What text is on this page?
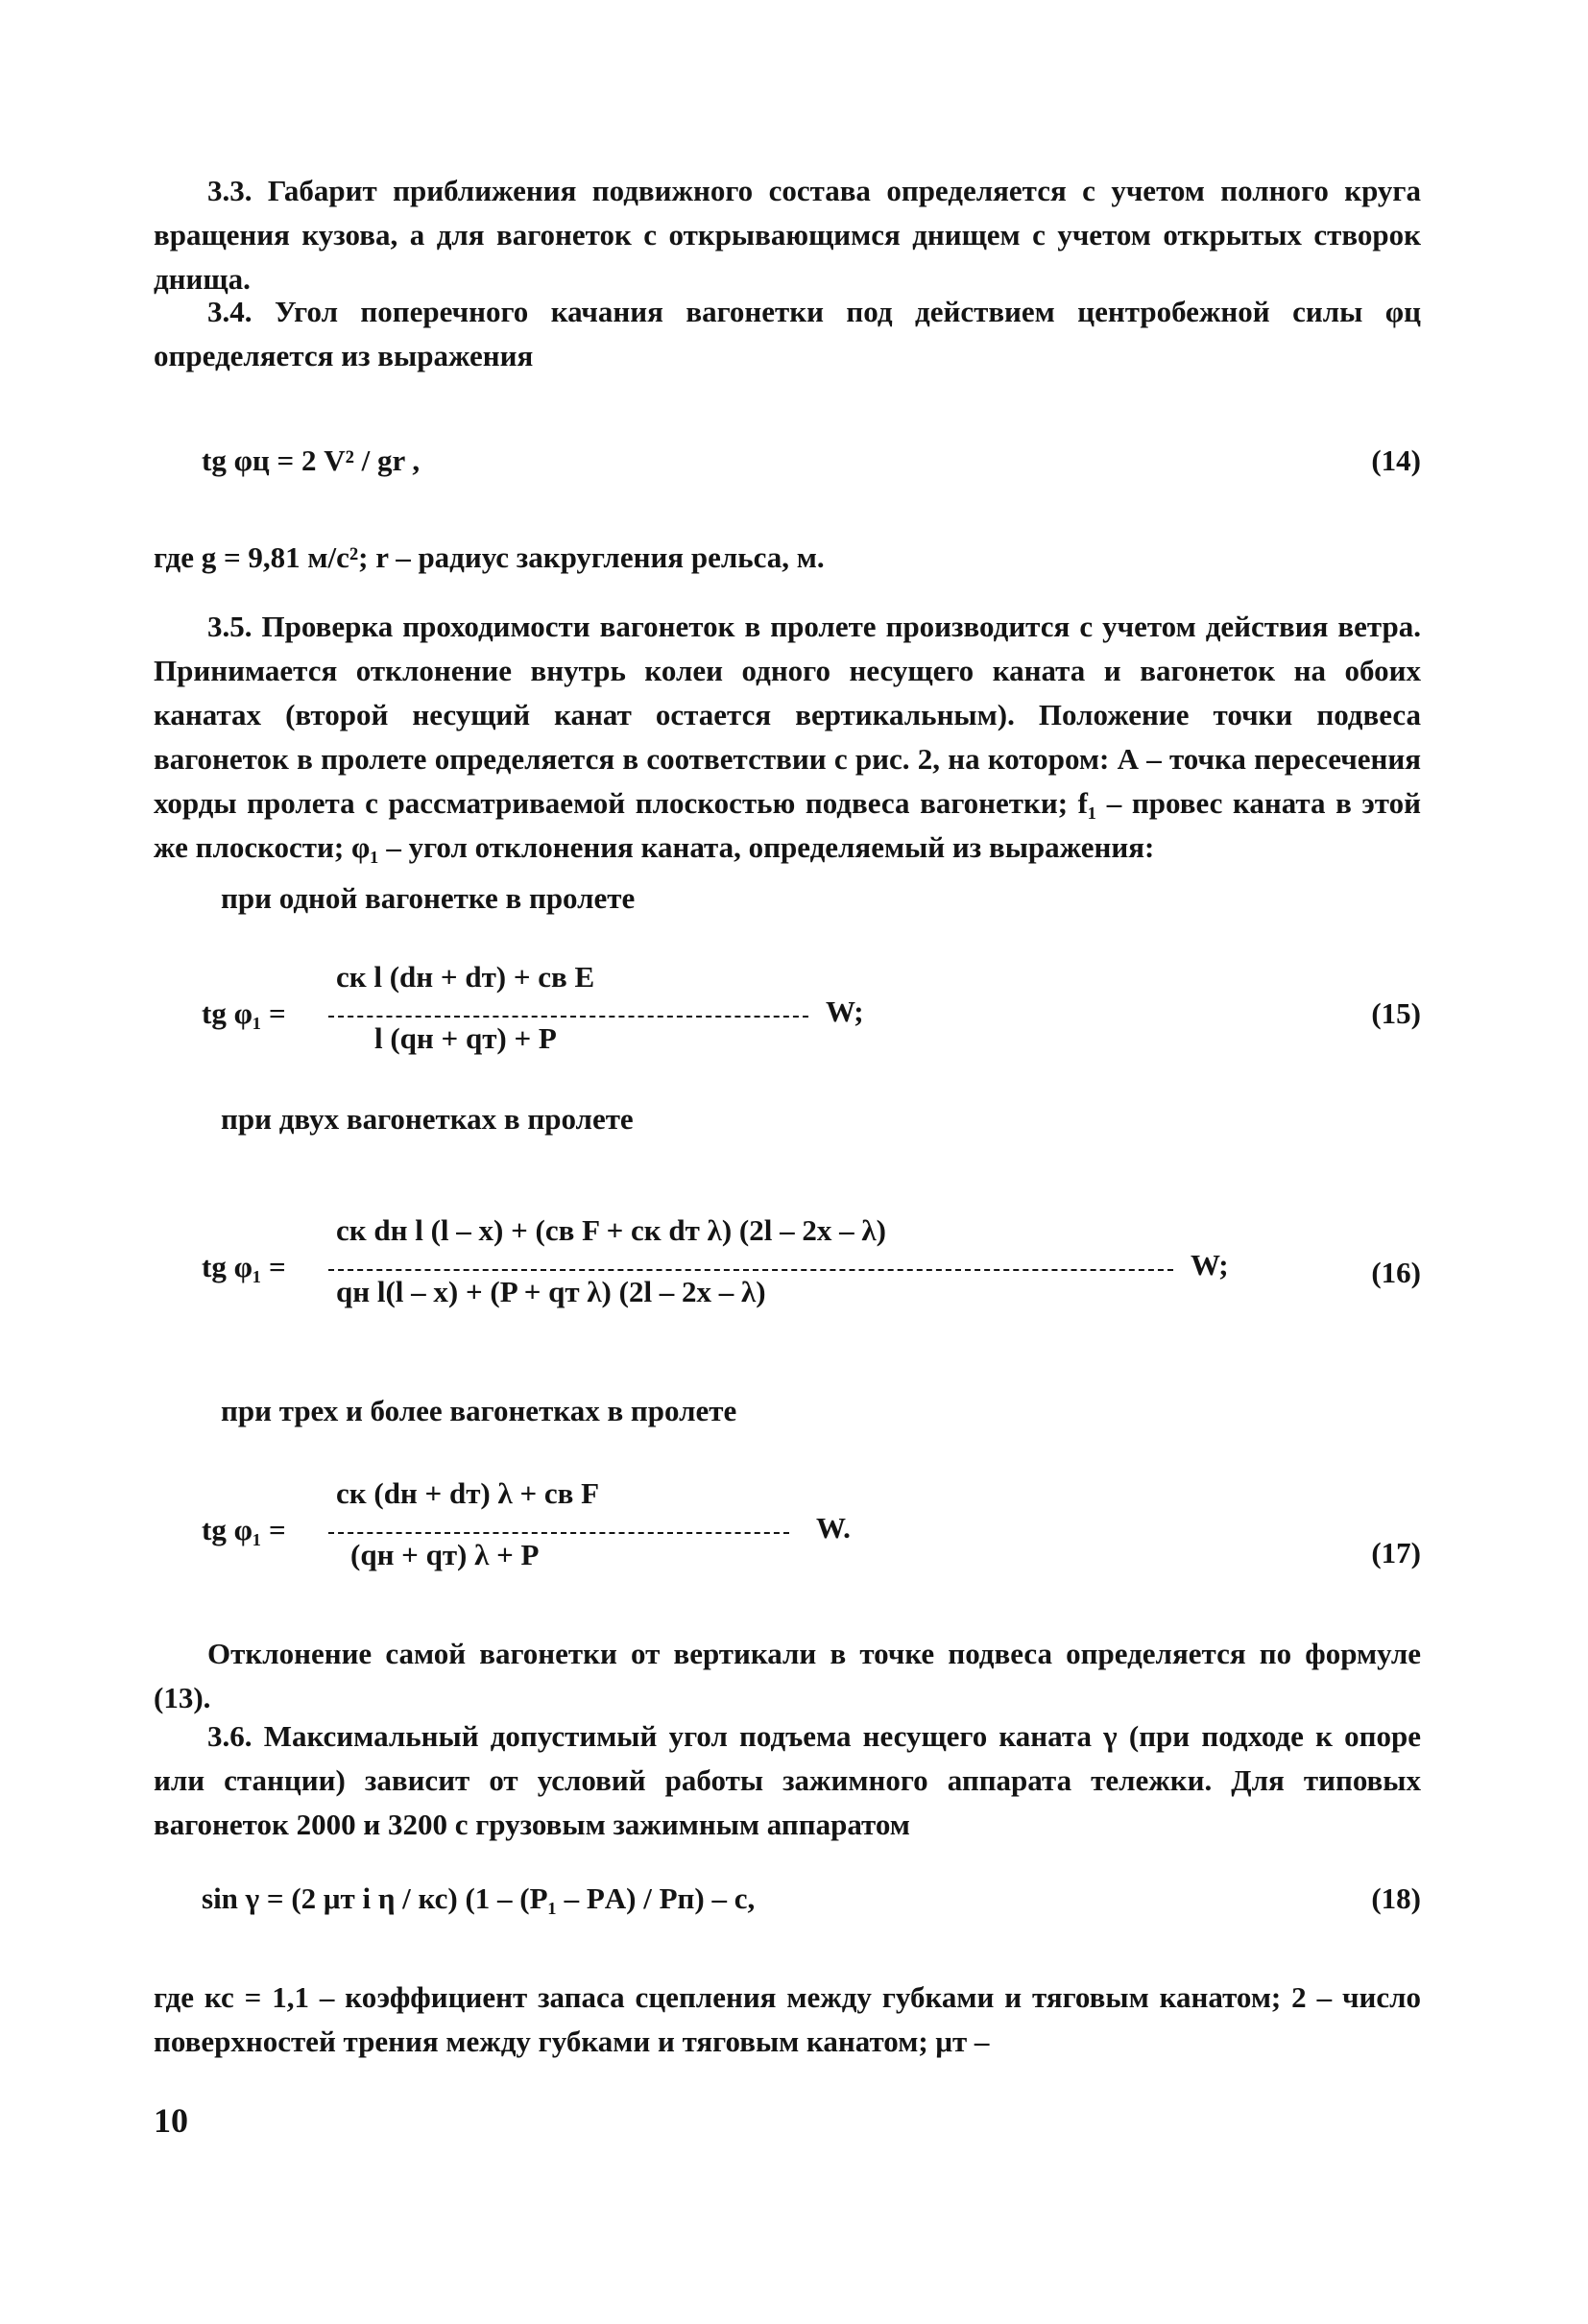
3.3. Габарит приближения подвижного состава определяется с учетом полного круга вращения кузова, а для вагонеток с открывающимся днищем с учетом открытых створок днища.
3.4. Угол поперечного качания вагонетки под действием центробежной силы φц определяется из выражения
tg φц = 2 V² / gr ,	(14)
где g = 9,81 м/с²; r – радиус закругления рельса, м.
3.5. Проверка проходимости вагонеток в пролете производится с учетом действия ветра. Принимается отклонение внутрь колеи одного несущего каната и вагонеток на обоих канатах (второй несущий канат остается вертикальным). Положение точки подвеса вагонеток в пролете определяется в соответствии с рис. 2, на котором: А – точка пересечения хорды пролета с рассматриваемой плоскостью подвеса вагонетки; f₁ – провес каната в этой же плоскости; φ₁ – угол отклонения каната, определяемый из выражения:
при одной вагонетке в пролете
tg φ₁ =
cк l (dн + dт) + cв E
l (qн + qт) + P
W;	(15)
при двух вагонетках в пролете
tg φ₁ =
cк dн l (l – x) + (cв F + cк dт λ) (2l – 2x – λ)
qн l(l – x) + (P + qт λ) (2l – 2x – λ)
W;	(16)
при трех и более вагонетках в пролете
tg φ₁ =
cк (dн + dт) λ + cв F
(qн + qт) λ + P
W.
(17)
Отклонение самой вагонетки от вертикали в точке подвеса определяется по формуле (13).
3.6. Максимальный допустимый угол подъема несущего каната γ (при подходе к опоре или станции) зависит от условий работы зажимного аппарата тележки. Для типовых вагонеток 2000 и 3200 с грузовым зажимным аппаратом
sin γ = (2 μт i η / кс) (1 – (P₁ – PА) / Pп) – c,	(18)
где кс = 1,1 – коэффициент запаса сцепления между губками и тяговым канатом; 2 – число поверхностей трения между губками и тяговым канатом; μт –
10
